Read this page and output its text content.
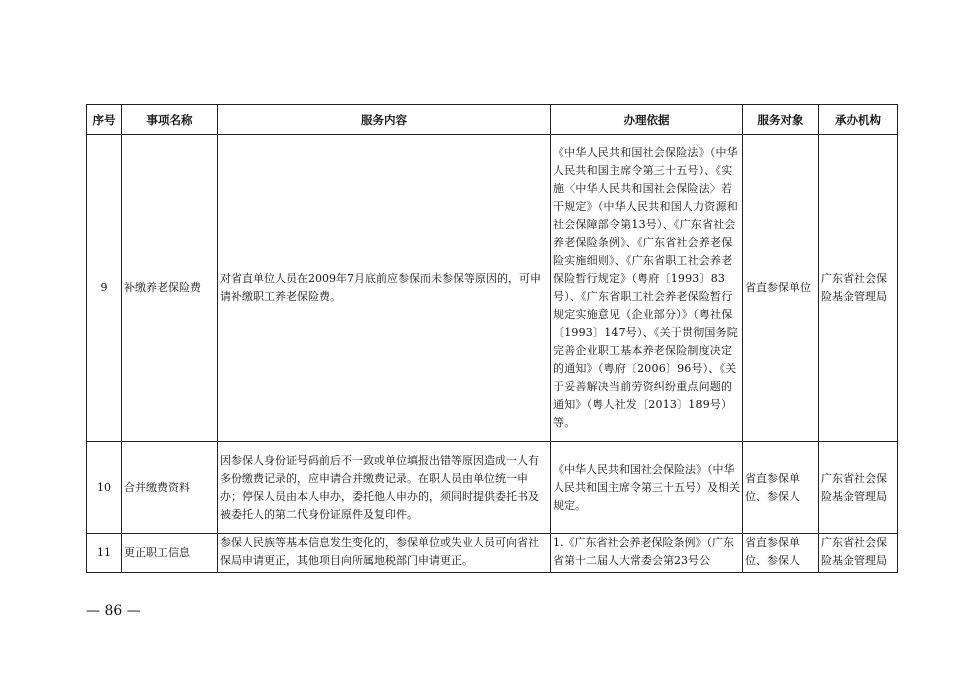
序号	事项名称	服务内容	办理依据	服务对象	承办机构
9	补缴养老保险费	对省直单位人员在2009年7月底前应参保而未参保等原因的，可申请补缴职工养老保险费。	《中华人民共和国社会保险法》（中华人民共和国主席令第三十五号）、《实施〈中华人民共和国社会保险法〉若干规定》（中华人民共和国人力资源和社会保障部令第13号）、《广东省社会养老保险条例》、《广东省社会养老保险实施细则》、《广东省职工社会养老保险暂行规定》（粤府〔1993〕83号）、《广东省职工社会养老保险暂行规定实施意见（企业部分）》（粤社保〔1993〕147号）、《关于贯彻国务院完善企业职工基本养老保险制度决定的通知》（粤府〔2006〕96号）、《关于妥善解决当前劳资纠纷重点问题的通知》（粤人社发〔2013〕189号）等。	省直参保单位	广东省社会保险基金管理局
10	合并缴费资料	因参保人身份证号码前后不一致或单位填报出错等原因造成一人有多份缴费记录的，应申请合并缴费记录。在职人员由单位统一申办；停保人员由本人申办，委托他人申办的，须同时提供委托书及被委托人的第二代身份证原件及复印件。	《中华人民共和国社会保险法》（中华人民共和国主席令第三十五号）及相关规定。	省直参保单位、参保人	广东省社会保险基金管理局
11	更正职工信息	参保人民族等基本信息发生变化的，参保单位或失业人员可向省社保局申请更正，其他项目向所属地税部门申请更正。	1.《广东省社会养老保险条例》（广东省第十二届人大常委会第23号公	省直参保单位、参保人	广东省社会保险基金管理局
— 86 —
